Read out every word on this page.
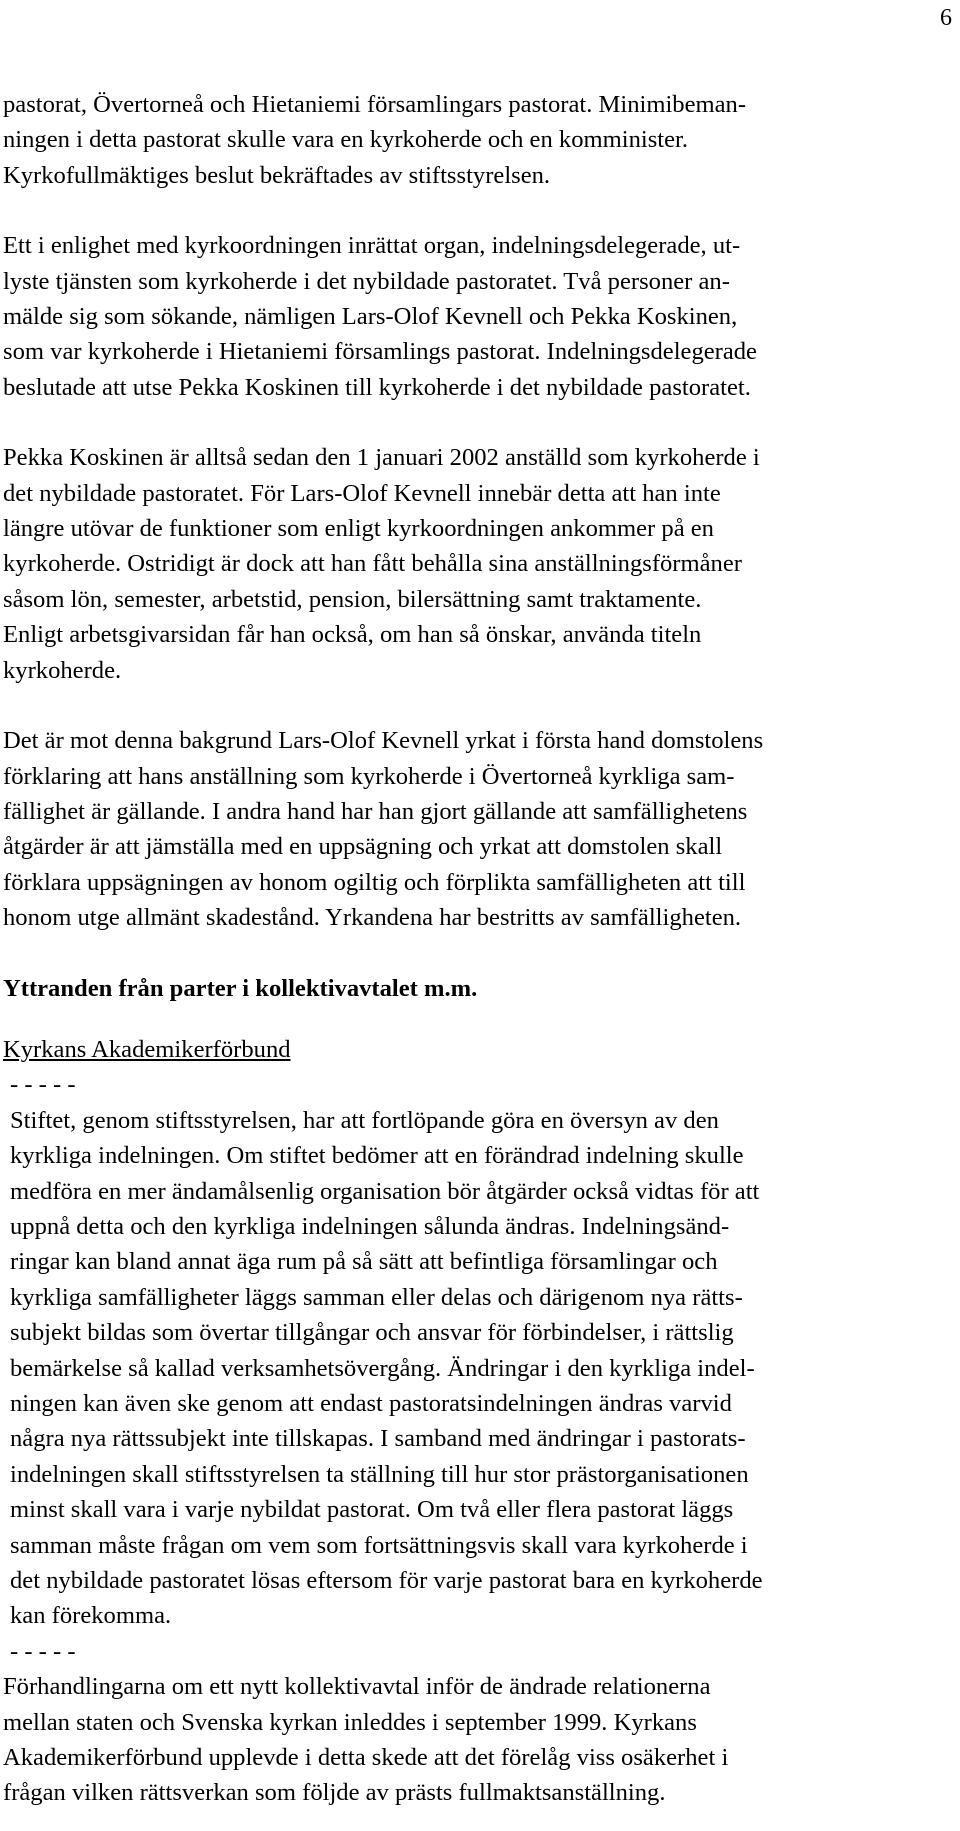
6
pastorat, Övertorneå och Hietaniemi församlingars pastorat. Minimibeman-
ningen i detta pastorat skulle vara en kyrkoherde och en komminister.
Kyrkofullmäktiges beslut bekräftades av stiftsstyrelsen.
Ett i enlighet med kyrkoordningen inrättat organ, indelningsdelegerade, ut-
lyste tjänsten som kyrkoherde i det nybildade pastoratet. Två personer an-
mälde sig som sökande, nämligen Lars-Olof Kevnell och Pekka Koskinen,
som var kyrkoherde i Hietaniemi församlings pastorat. Indelningsdelegerade
beslutade att utse Pekka Koskinen till kyrkoherde i det nybildade pastoratet.
Pekka Koskinen är alltså sedan den 1 januari 2002 anställd som kyrkoherde i
det nybildade pastoratet. För Lars-Olof Kevnell innebär detta att han inte
längre utövar de funktioner som enligt kyrkoordningen ankommer på en
kyrkoherde. Ostridigt är dock att han fått behålla sina anställningsförmåner
såsom lön, semester, arbetstid, pension, bilersättning samt traktamente.
Enligt arbetsgivarsidan får han också, om han så önskar, använda titeln
kyrkoherde.
Det är mot denna bakgrund Lars-Olof Kevnell yrkat i första hand domstolens
förklaring att hans anställning som kyrkoherde i Övertorneå kyrkliga sam-
fällighet är gällande. I andra hand har han gjort gällande att samfällighetens
åtgärder är att jämställa med en uppsägning och yrkat att domstolen skall
förklara uppsägningen av honom ogiltig och förplikta samfälligheten att till
honom utge allmänt skadestånd. Yrkandena har bestritts av samfälligheten.
Yttranden från parter i kollektivavtalet m.m.
Kyrkans Akademikerförbund
- - - - -
Stiftet, genom stiftsstyrelsen, har att fortlöpande göra en översyn av den
kyrkliga indelningen. Om stiftet bedömer att en förändrad indelning skulle
medföra en mer ändamålsenlig organisation bör åtgärder också vidtas för att
uppnå detta och den kyrkliga indelningen sålunda ändras. Indelningsänd-
ringar kan bland annat äga rum på så sätt att befintliga församlingar och
kyrkliga samfälligheter läggs samman eller delas och därigenom nya rätts-
subjekt bildas som övertar tillgångar och ansvar för förbindelser, i rättslig
bemärkelse så kallad verksamhetsövergång. Ändringar i den kyrkliga indel-
ningen kan även ske genom att endast pastoratsindelningen ändras varvid
några nya rättssubjekt inte tillskapas. I samband med ändringar i pastorats-
indelningen skall stiftsstyrelsen ta ställning till hur stor prästorganisationen
minst skall vara i varje nybildat pastorat. Om två eller flera pastorat läggs
samman måste frågan om vem som fortsättningsvis skall vara kyrkoherde i
det nybildade pastoratet lösas eftersom för varje pastorat bara en kyrkoherde
kan förekomma.
- - - - -
Förhandlingarna om ett nytt kollektivavtal inför de ändrade relationerna
mellan staten och Svenska kyrkan inleddes i september 1999. Kyrkans
Akademikerförbund upplevde i detta skede att det förelåg viss osäkerhet i
frågan vilken rättsverkan som följde av prästs fullmaktsanställning.
